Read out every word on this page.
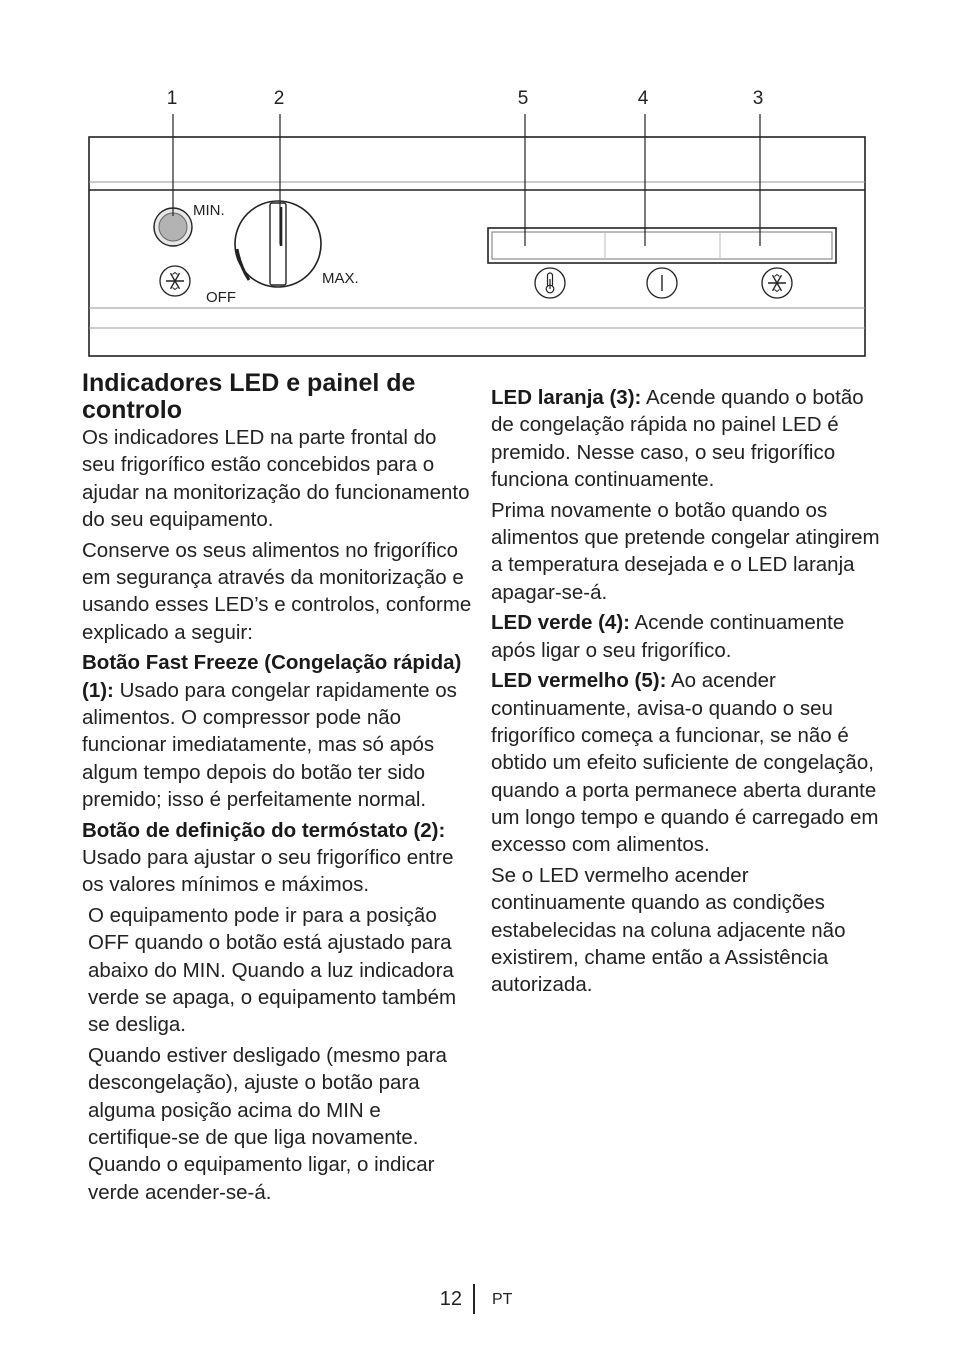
1	2	5	4	3
MIN.
OFF
MAX.
Indicadores LED e painel de controlo

Os indicadores LED na parte frontal do seu frigorífico estão concebidos para o ajudar na monitorização do funcionamento do seu equipamento.

Conserve os seus alimentos no frigorífico em segurança através da monitorização e usando esses LED’s e controlos, conforme explicado a seguir:

Botão Fast Freeze (Congelação rápida) (1): Usado para congelar rapidamente os alimentos. O compressor pode não funcionar imediatamente, mas só após algum tempo depois do botão ter sido premido; isso é perfeitamente normal.

Botão de definição do termóstato (2): Usado para ajustar o seu frigorífico entre os valores mínimos e máximos.

O equipamento pode ir para a posição OFF quando o botão está ajustado para abaixo do MIN. Quando a luz indicadora verde se apaga, o equipamento também se desliga.

Quando estiver desligado (mesmo para descongelação), ajuste o botão para alguma posição acima do MIN e certifique-se de que liga novamente. Quando o equipamento ligar, o indicar verde acender-se-á.

LED laranja (3): Acende quando o botão de congelação rápida no painel LED é premido. Nesse caso, o seu frigorífico funciona continuamente.

Prima novamente o botão quando os alimentos que pretende congelar atingirem a temperatura desejada e o LED laranja apagar-se-á.

LED verde (4): Acende continuamente após ligar o seu frigorífico.

LED vermelho (5): Ao acender continuamente, avisa-o quando o seu frigorífico começa a funcionar, se não é obtido um efeito suficiente de congelação, quando a porta permanece aberta durante um longo tempo e quando é carregado em excesso com alimentos.

Se o LED vermelho acender continuamente quando as condições estabelecidas na coluna adjacente não existirem, chame então a Assistência autorizada.

12 PT
